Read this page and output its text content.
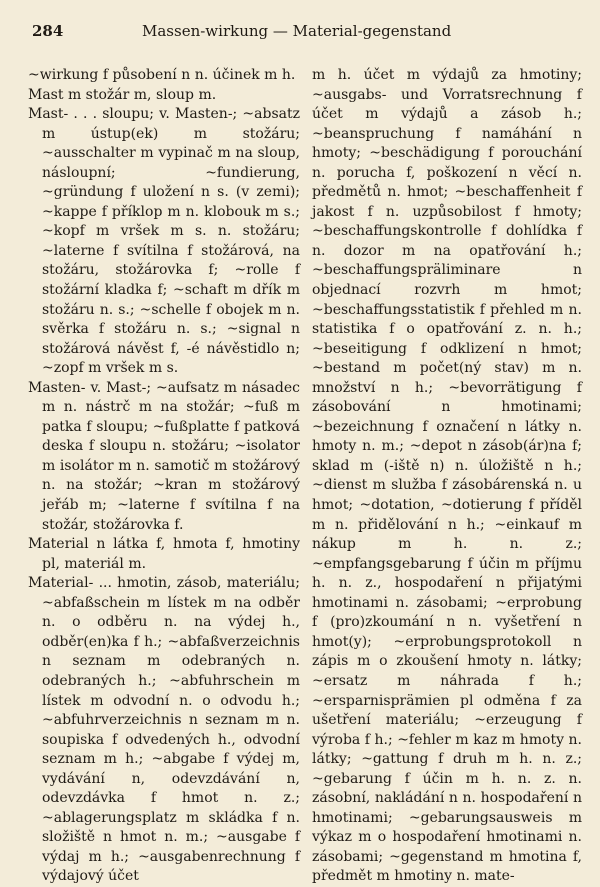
284	Massen-wirkung — Material-gegenstand

~wirkung f působení n n. účinek m h.

Mast m stožár m, sloup m.

Mast- . . . sloupu; v. Masten-; ~absatz m ústup(ek) m stožáru; ~ausschalter m vypinač m na sloup, násloupní; ~fundierung, ~gründung f uložení n s. (v zemi); ~kappe f příklop m n. klobouk m s.; ~kopf m vršek m s. n. stožáru; ~laterne f svítilna f stožárová, na stožáru, stožárovka f; ~rolle f stožární kladka f; ~schaft m dřík m stožáru n. s.; ~schelle f obojek m n. svěrka f stožáru n. s.; ~signal n stožárová návěst f, -é návěstidlo n; ~zopf m vršek m s.

Masten- v. Mast-; ~aufsatz m násadec m n. nástrč m na stožár; ~fuß m patka f sloupu; ~fußplatte f patková deska f sloupu n. stožáru; ~isolator m isolátor m n. samotič m stožárový n. na stožár; ~kran m stožárový jeřáb m; ~laterne f svítilna f na stožár, stožárovka f.

Material n látka f, hmota f, hmotiny pl, materiál m.

Material- ... hmotin, zásob, materiálu; ~abfaßschein m lístek m na odběr n. o odběru n. na výdej h., odběr(en)ka f h.; ~abfaßverzeichnis n seznam m odebraných n. odebraných h.; ~abfuhrschein m lístek m odvodní n. o odvodu h.; ~abfuhrverzeichnis n seznam m n. soupiska f odvedených h., odvodní seznam m h.; ~abgabe f výdej m, vydávání n, odevzdávání n, odevzdávka f hmot n. z.; ~ablagerungsplatz m skládka f n. složiště n hmot n. m.; ~ausgabe f výdaj m h.; ~ausgabenrechnung f výdajový účet

m h. účet m výdajů za hmotiny; ~ausgabs- und Vorratsrechnung f účet m výdajů a zásob h.; ~beanspruchung f namáhání n hmoty; ~beschädigung f porouchání n. porucha f, poškození n věcí n. předmětů n. hmot; ~beschaffenheit f jakost f n. uzpůsobilost f hmoty; ~beschaffungskontrolle f dohlídka f n. dozor m na opatřování h.; ~beschaffungspräliminare n objednací rozvrh m hmot; ~beschaffungsstatistik f přehled m n. statistika f o opatřování z. n. h.; ~beseitigung f odklizení n hmot; ~bestand m počet(ný stav) m n. množství n h.; ~bevorrätigung f zásobování n hmotinami; ~bezeichnung f označení n látky n. hmoty n. m.; ~depot n zásob(ár)na f; sklad m (-iště n) n. úložiště n h.; ~dienst m služba f zásobárenská n. u hmot; ~dotation, ~dotierung f příděl m n. přidělování n h.; ~einkauf m nákup m h. n. z.; ~empfangsgebarung f účin m příjmu h. n. z., hospodaření n přijatými hmotinami n. zásobami; ~erprobung f (pro)zkoumání n n. vyšetření n hmot(y); ~erprobungsprotokoll n zápis m o zkoušení hmoty n. látky; ~ersatz m náhrada f h.; ~ersparnisprämien pl odměna f za ušetření materiálu; ~erzeugung f výroba f h.; ~fehler m kaz m hmoty n. látky; ~gattung f druh m h. n. z.; ~gebarung f účin m h. n. z. n. zásobní, nakládání n n. hospodaření n hmotinami; ~gebarungsausweis m výkaz m o hospodaření hmotinami n. zásobami; ~gegenstand m hmotina f, předmět m hmotiny n. mate-
